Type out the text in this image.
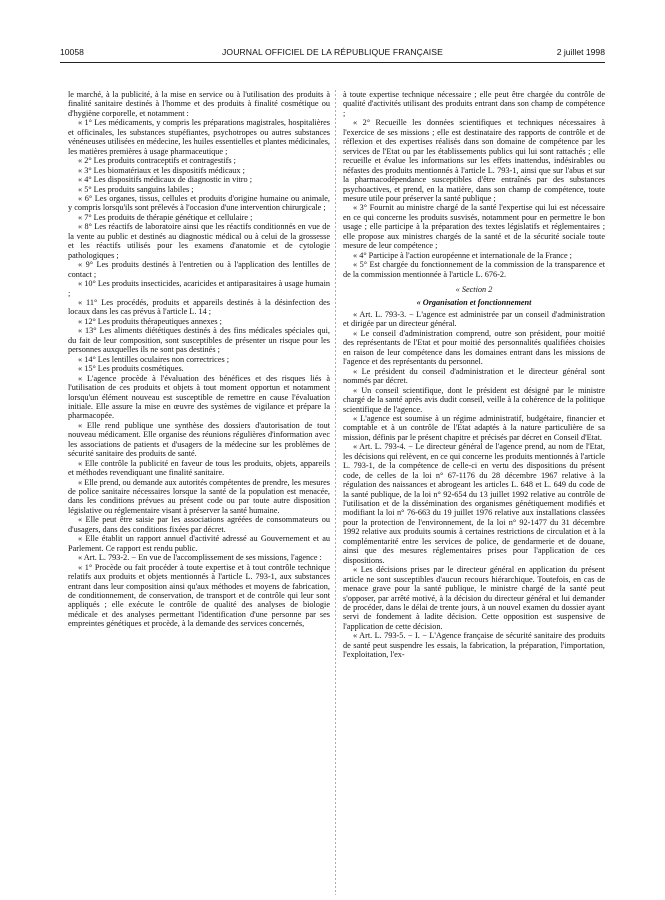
10058	JOURNAL OFFICIEL DE LA RÉPUBLIQUE FRANÇAISE	2 juillet 1998

le marché, à la publicité, à la mise en service ou à l'utilisation des produits à finalité sanitaire destinés à l'homme et des produits à finalité cosmétique ou d'hygiène corporelle, et notamment :

« 1° Les médicaments, y compris les préparations magistrales, hospitalières et officinales, les substances stupéfiantes, psychotropes ou autres substances vénéneuses utilisées en médecine, les huiles essentielles et plantes médicinales, les matières premières à usage pharmaceutique ;

« 2° Les produits contraceptifs et contragestifs ;

« 3° Les biomatériaux et les dispositifs médicaux ;

« 4° Les dispositifs médicaux de diagnostic in vitro ;

« 5° Les produits sanguins labiles ;

« 6° Les organes, tissus, cellules et produits d'origine humaine ou animale, y compris lorsqu'ils sont prélevés à l'occasion d'une intervention chirurgicale ;

« 7° Les produits de thérapie génétique et cellulaire ;

« 8° Les réactifs de laboratoire ainsi que les réactifs conditionnés en vue de la vente au public et destinés au diagnostic médical ou à celui de la grossesse et les réactifs utilisés pour les examens d'anatomie et de cytologie pathologiques ;

« 9° Les produits destinés à l'entretien ou à l'application des lentilles de contact ;

« 10° Les produits insecticides, acaricides et antiparasitaires à usage humain ;

« 11° Les procédés, produits et appareils destinés à la désinfection des locaux dans les cas prévus à l'article L. 14 ;

« 12° Les produits thérapeutiques annexes ;

« 13° Les aliments diététiques destinés à des fins médicales spéciales qui, du fait de leur composition, sont susceptibles de présenter un risque pour les personnes auxquelles ils ne sont pas destinés ;

« 14° Les lentilles oculaires non correctrices ;

« 15° Les produits cosmétiques.

« L'agence procède à l'évaluation des bénéfices et des risques liés à l'utilisation de ces produits et objets à tout moment opportun et notamment lorsqu'un élément nouveau est susceptible de remettre en cause l'évaluation initiale. Elle assure la mise en œuvre des systèmes de vigilance et prépare la pharmacopée.

« Elle rend publique une synthèse des dossiers d'autorisation de tout nouveau médicament. Elle organise des réunions régulières d'information avec les associations de patients et d'usagers de la médecine sur les problèmes de sécurité sanitaire des produits de santé.

« Elle contrôle la publicité en faveur de tous les produits, objets, appareils et méthodes revendiquant une finalité sanitaire.

« Elle prend, ou demande aux autorités compétentes de prendre, les mesures de police sanitaire nécessaires lorsque la santé de la population est menacée, dans les conditions prévues au présent code ou par toute autre disposition législative ou réglementaire visant à préserver la santé humaine.

« Elle peut être saisie par les associations agréées de consommateurs ou d'usagers, dans des conditions fixées par décret.

« Elle établit un rapport annuel d'activité adressé au Gouvernement et au Parlement. Ce rapport est rendu public.

« Art. L. 793-2. − En vue de l'accomplissement de ses missions, l'agence :

« 1° Procède ou fait procéder à toute expertise et à tout contrôle technique relatifs aux produits et objets mentionnés à l'article L. 793-1, aux substances entrant dans leur composition ainsi qu'aux méthodes et moyens de fabrication, de conditionnement, de conservation, de transport et de contrôle qui leur sont appliqués ; elle exécute le contrôle de qualité des analyses de biologie médicale et des analyses permettant l'identification d'une personne par ses empreintes génétiques et procède, à la demande des services concernés,

à toute expertise technique nécessaire ; elle peut être chargée du contrôle de qualité d'activités utilisant des produits entrant dans son champ de compétence ;

« 2° Recueille les données scientifiques et techniques nécessaires à l'exercice de ses missions ; elle est destinataire des rapports de contrôle et de réflexion et des expertises réalisés dans son domaine de compétence par les services de l'Etat ou par les établissements publics qui lui sont rattachés ; elle recueille et évalue les informations sur les effets inattendus, indésirables ou néfastes des produits mentionnés à l'article L. 793-1, ainsi que sur l'abus et sur la pharmacodépendance susceptibles d'être entraînés par des substances psychoactives, et prend, en la matière, dans son champ de compétence, toute mesure utile pour préserver la santé publique ;

« 3° Fournit au ministre chargé de la santé l'expertise qui lui est nécessaire en ce qui concerne les produits susvisés, notamment pour en permettre le bon usage ; elle participe à la préparation des textes législatifs et réglementaires ; elle propose aux ministres chargés de la santé et de la sécurité sociale toute mesure de leur compétence ;

« 4° Participe à l'action européenne et internationale de la France ;

« 5° Est chargée du fonctionnement de la commission de la transparence et de la commission mentionnée à l'article L. 676-2.

« Section 2

« Organisation et fonctionnement

« Art. L. 793-3. − L'agence est administrée par un conseil d'administration et dirigée par un directeur général.

« Le conseil d'administration comprend, outre son président, pour moitié des représentants de l'Etat et pour moitié des personnalités qualifiées choisies en raison de leur compétence dans les domaines entrant dans les missions de l'agence et des représentants du personnel.

« Le président du conseil d'administration et le directeur général sont nommés par décret.

« Un conseil scientifique, dont le président est désigné par le ministre chargé de la santé après avis dudit conseil, veille à la cohérence de la politique scientifique de l'agence.

« L'agence est soumise à un régime administratif, budgétaire, financier et comptable et à un contrôle de l'Etat adaptés à la nature particulière de sa mission, définis par le présent chapitre et précisés par décret en Conseil d'Etat.

« Art. L. 793-4. − Le directeur général de l'agence prend, au nom de l'Etat, les décisions qui relèvent, en ce qui concerne les produits mentionnés à l'article L. 793-1, de la compétence de celle-ci en vertu des dispositions du présent code, de celles de la loi n° 67-1176 du 28 décembre 1967 relative à la régulation des naissances et abrogeant les articles L. 648 et L. 649 du code de la santé publique, de la loi n° 92-654 du 13 juillet 1992 relative au contrôle de l'utilisation et de la dissémination des organismes génétiquement modifiés et modifiant la loi n° 76-663 du 19 juillet 1976 relative aux installations classées pour la protection de l'environnement, de la loi n° 92-1477 du 31 décembre 1992 relative aux produits soumis à certaines restrictions de circulation et à la complémentarité entre les services de police, de gendarmerie et de douane, ainsi que des mesures réglementaires prises pour l'application de ces dispositions.

« Les décisions prises par le directeur général en application du présent article ne sont susceptibles d'aucun recours hiérarchique. Toutefois, en cas de menace grave pour la santé publique, le ministre chargé de la santé peut s'opposer, par arrêté motivé, à la décision du directeur général et lui demander de procéder, dans le délai de trente jours, à un nouvel examen du dossier ayant servi de fondement à ladite décision. Cette opposition est suspensive de l'application de cette décision.

« Art. L. 793-5. − I. − L'Agence française de sécurité sanitaire des produits de santé peut suspendre les essais, la fabrication, la préparation, l'importation, l'exploitation, l'ex-
